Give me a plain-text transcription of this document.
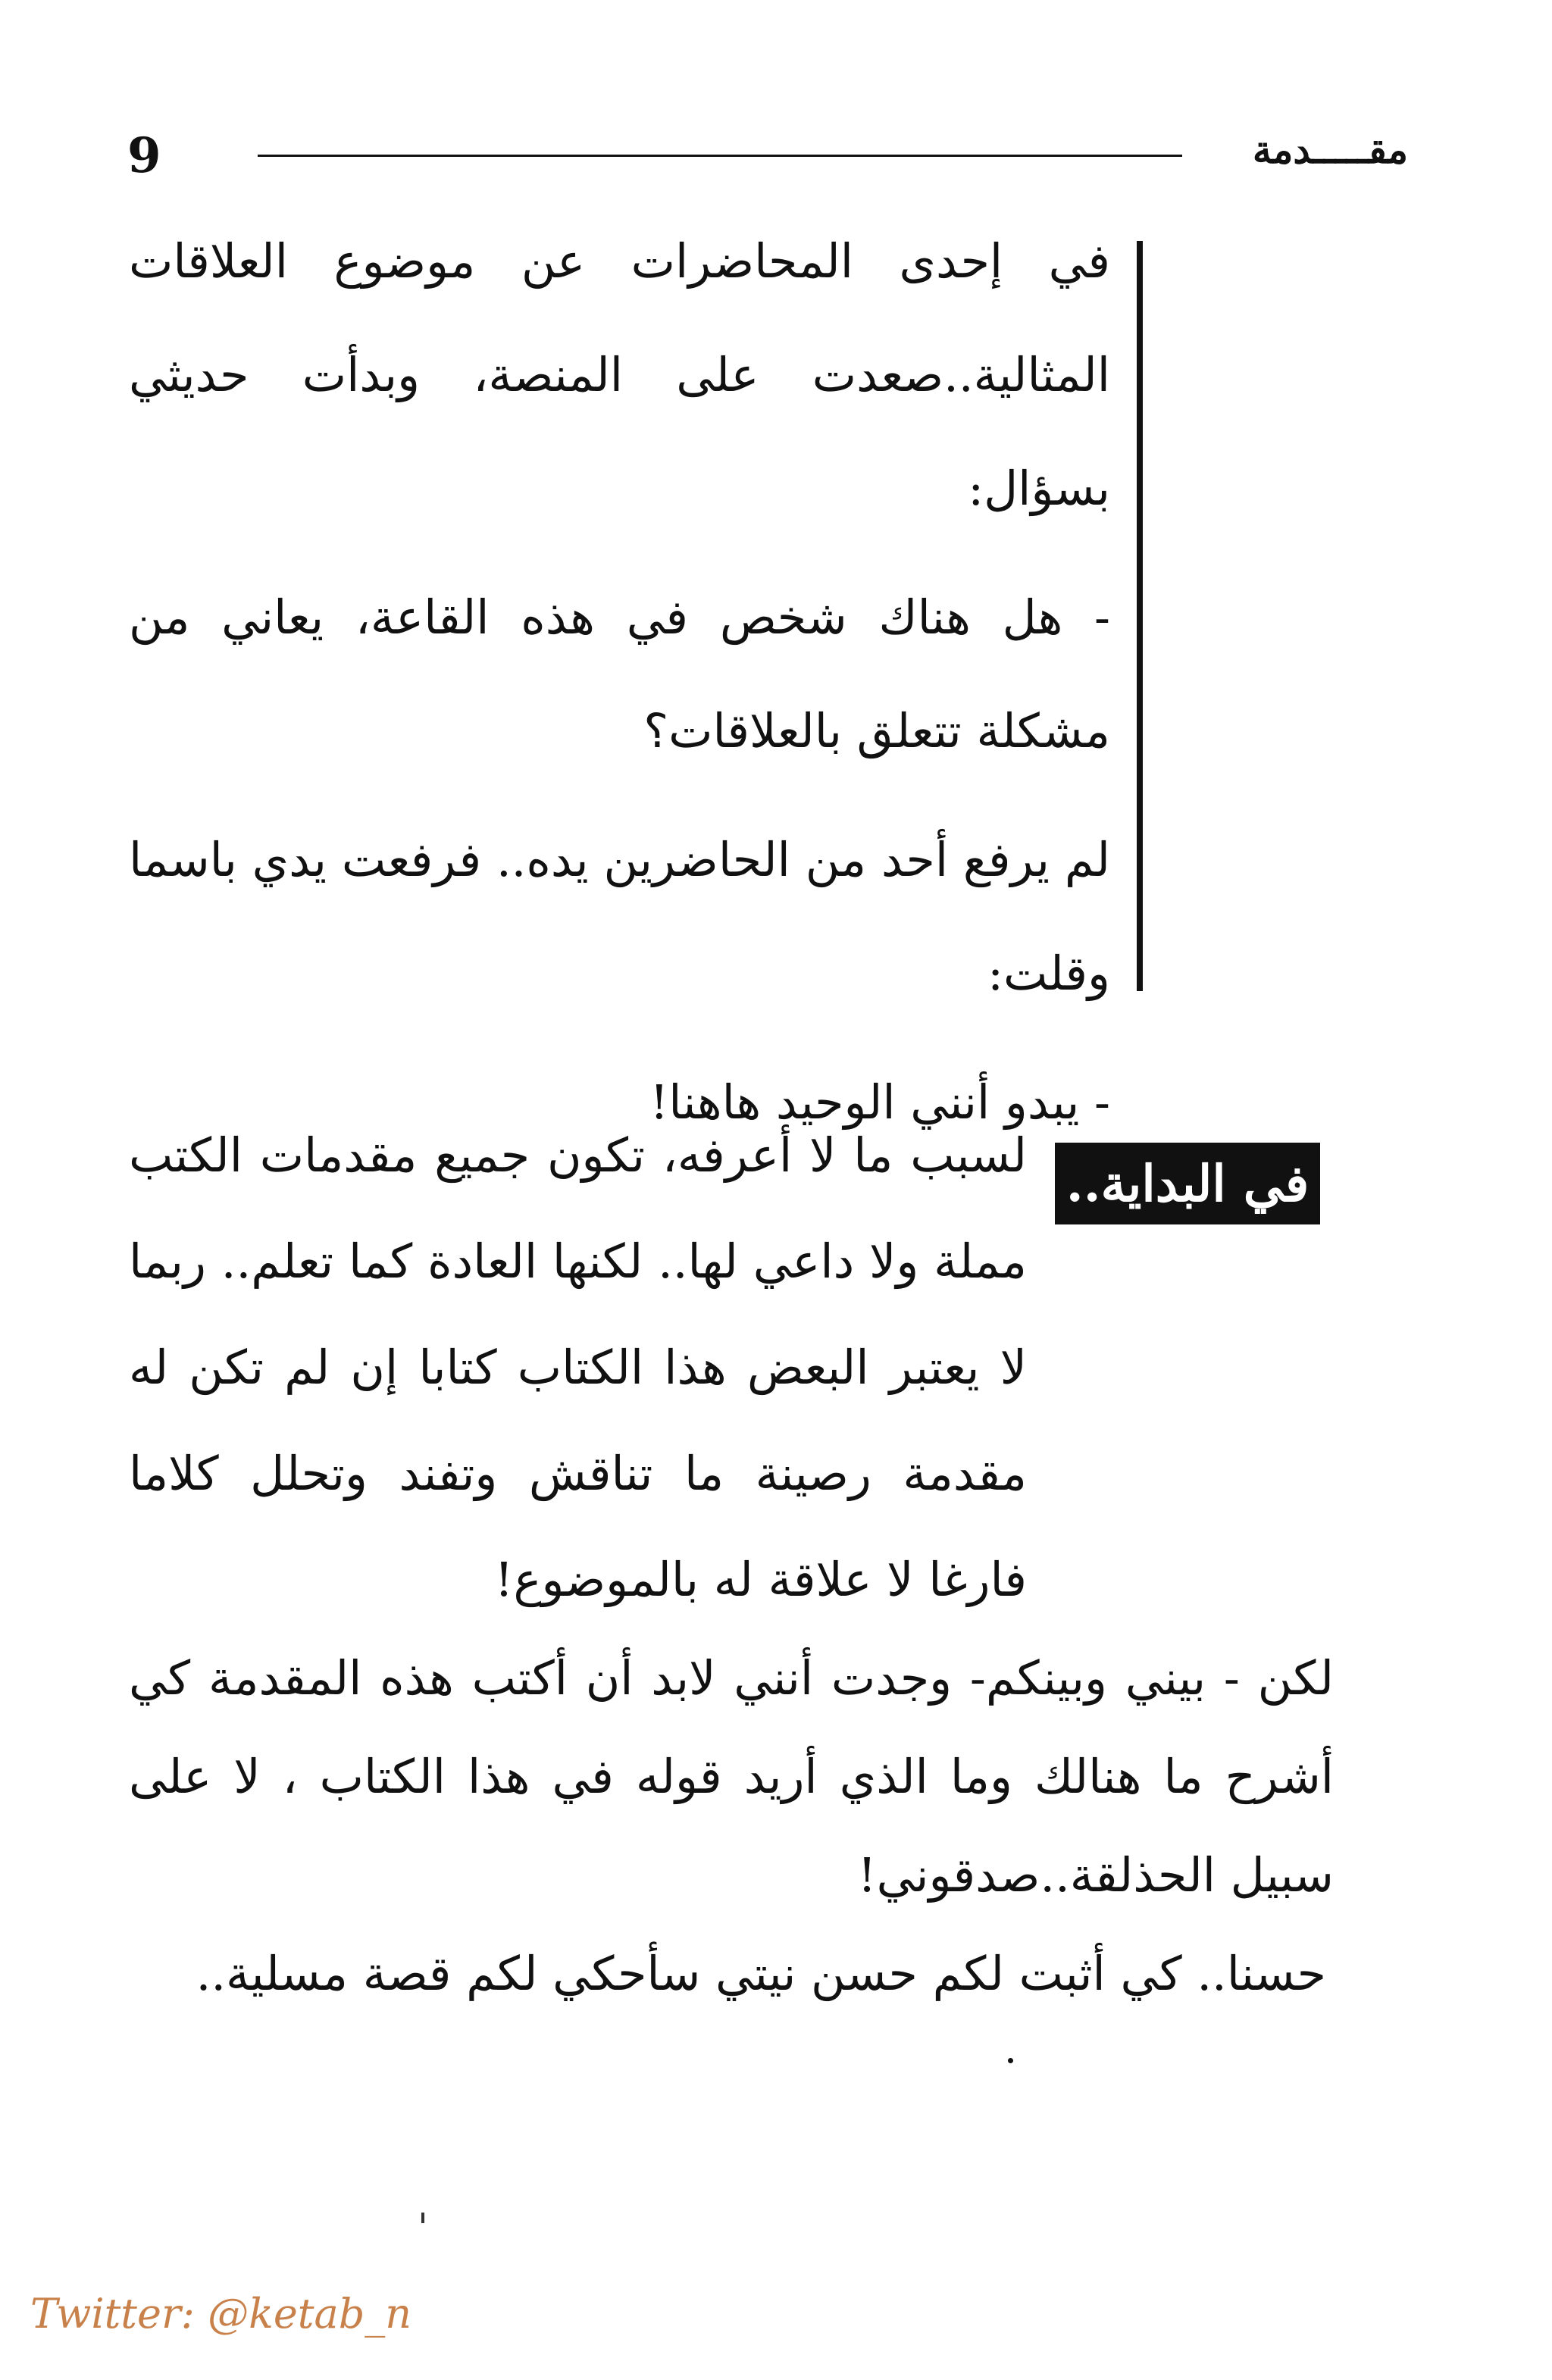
9	مقـــــدمة

في إحدى المحاضرات عن موضوع العلاقات المثالية..صعدت على المنصة، وبدأت حديثي بسؤال:

- هل هناك شخص في هذه القاعة، يعاني من مشكلة تتعلق بالعلاقات؟

لم يرفع أحد من الحاضرين يده.. فرفعت يدي باسما وقلت:

- يبدو أنني الوحيد هاهنا!

في البداية..

لسبب ما لا أعرفه، تكون جميع مقدمات الكتب مملة ولا داعي لها.. لكنها العادة كما تعلم.. ربما لا يعتبر البعض هذا الكتاب كتابا إن لم تكن له مقدمة رصينة ما تناقش وتفند وتحلل كلاما فارغا لا علاقة له بالموضوع!

لكن - بيني وبينكم- وجدت أنني لابد أن أكتب هذه المقدمة كي أشرح ما هنالك وما الذي أريد قوله في هذا الكتاب ، لا على سبيل الحذلقة..صدقوني!

حسنا.. كي أثبت لكم حسن نيتي سأحكي لكم قصة مسلية..

Twitter: @ketab_n
